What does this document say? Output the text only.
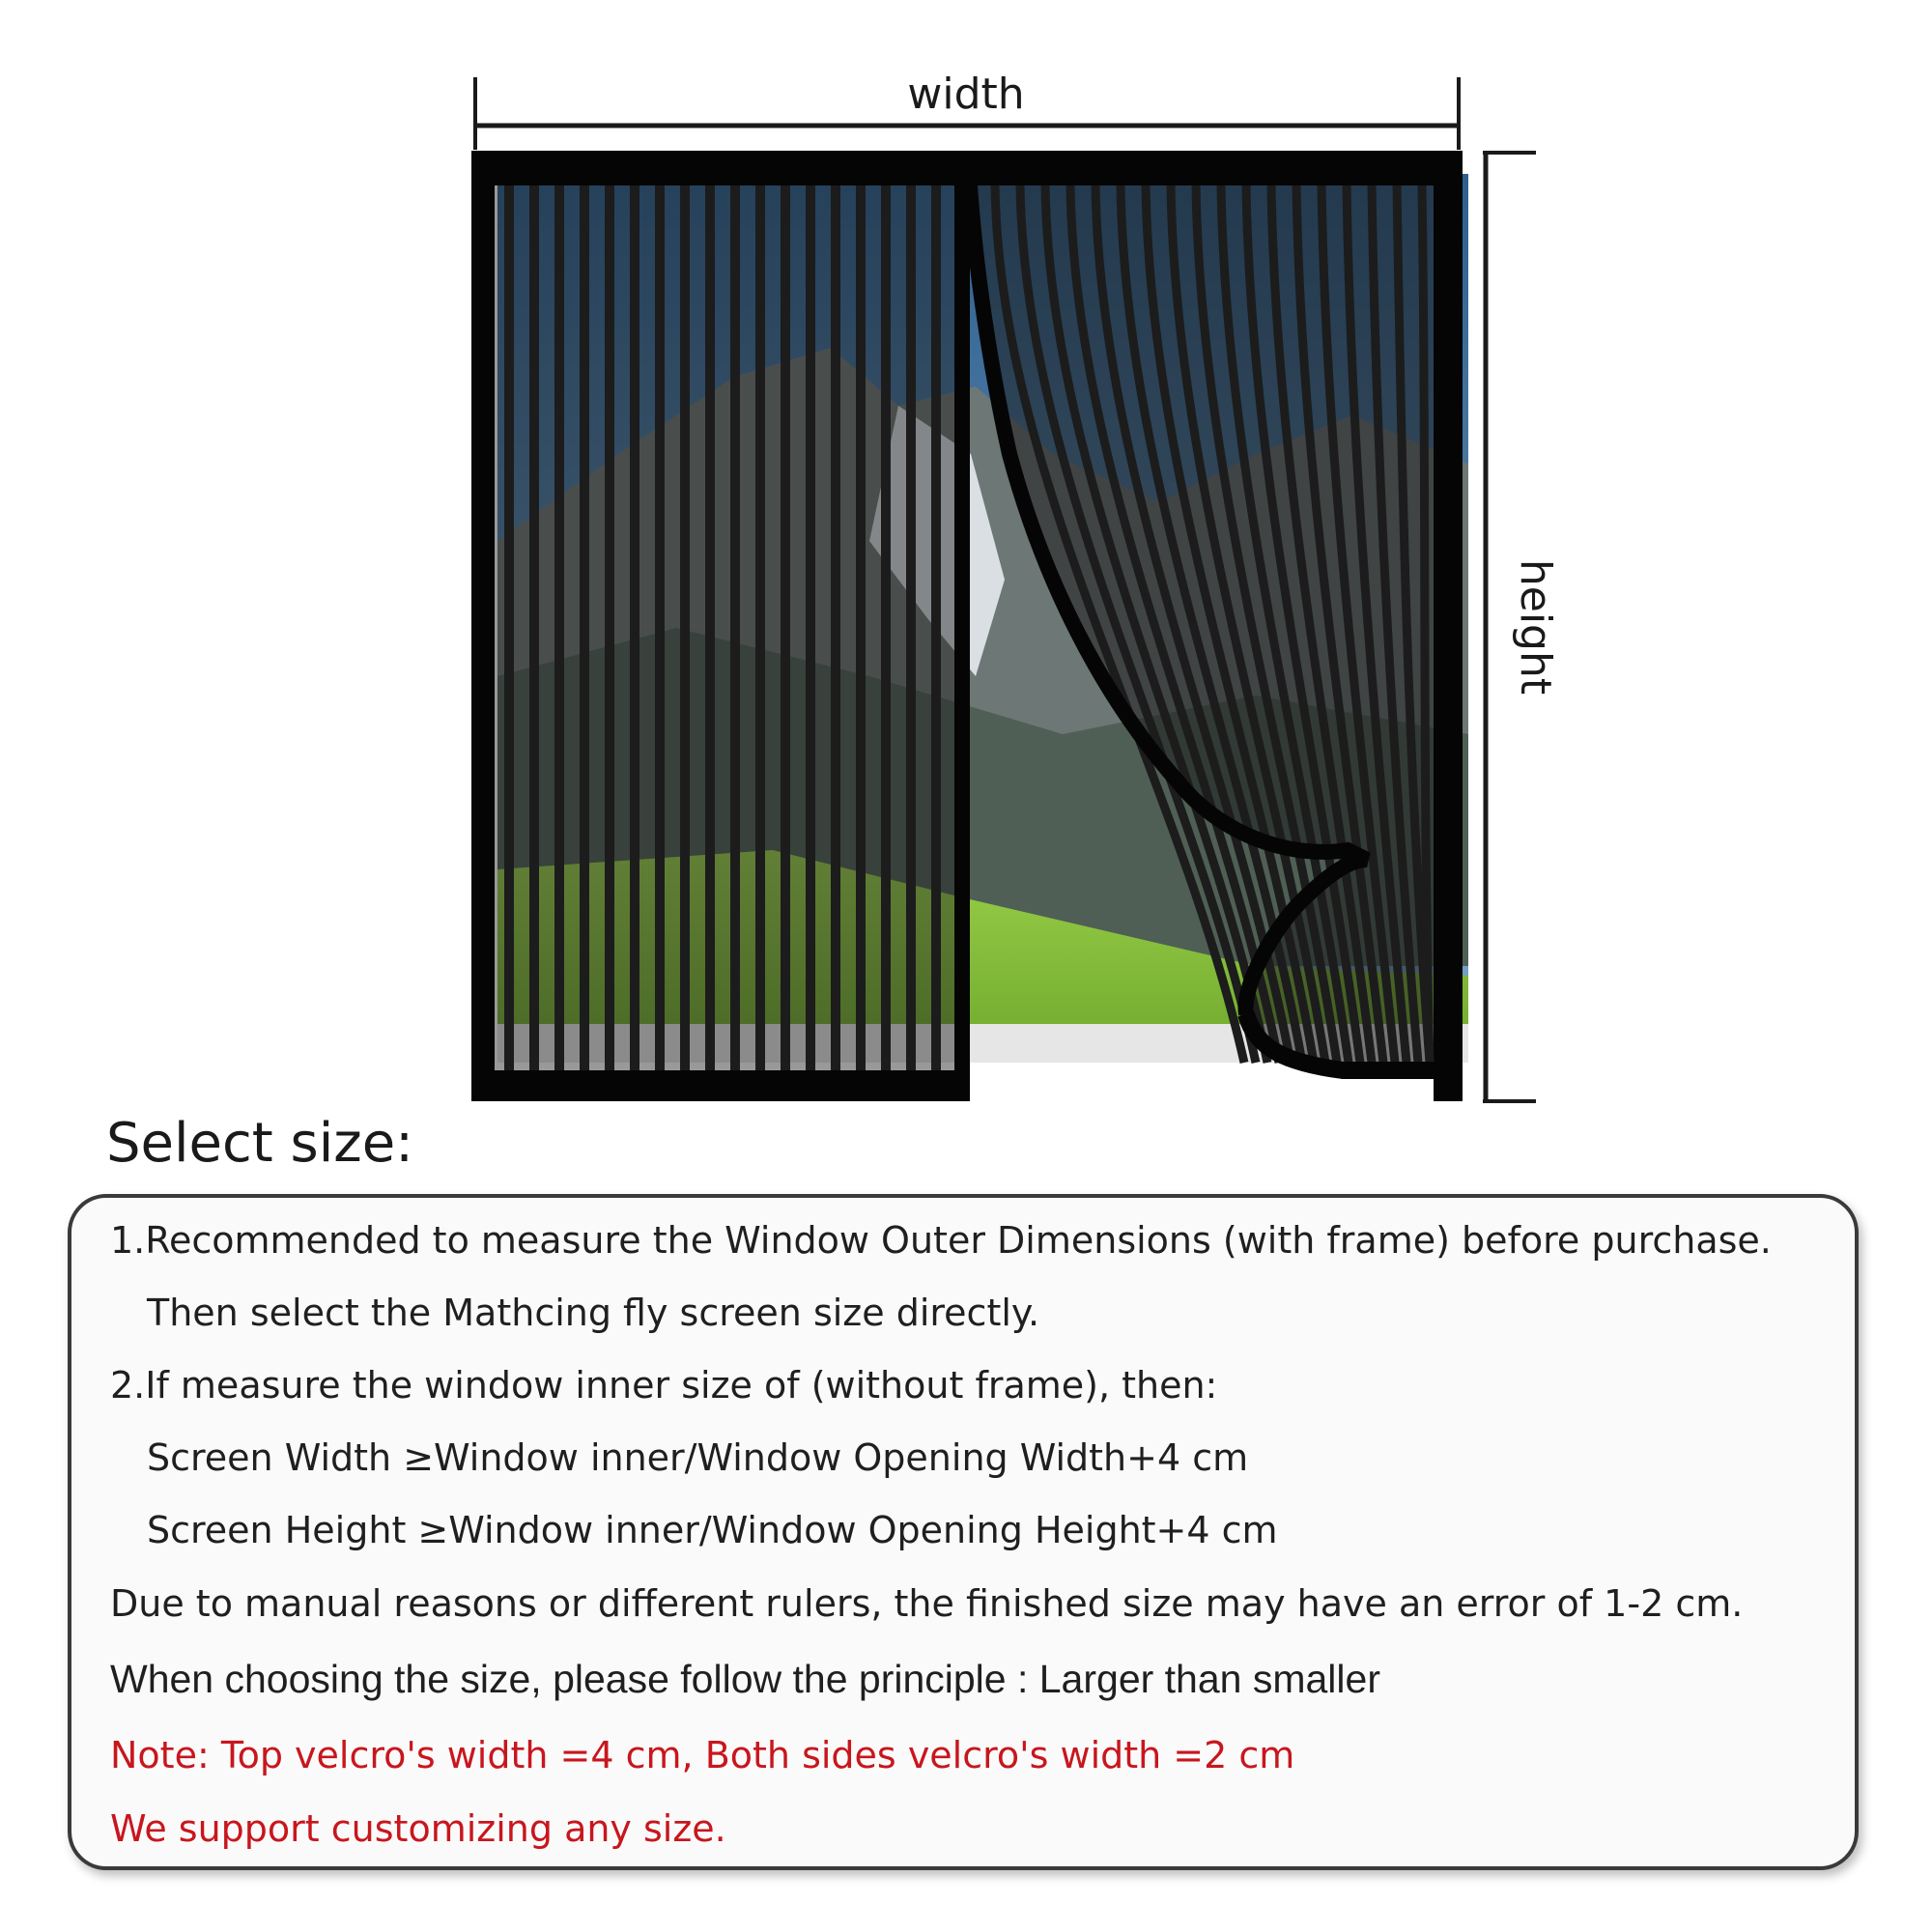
width
height
Select size:

1.Recommended to measure the Window Outer Dimensions (with frame) before purchase.

Then select the Mathcing fly screen size directly.

2.If measure the window inner size of (without frame), then:

Screen Width ≥Window inner/Window Opening Width+4 cm

Screen Height ≥Window inner/Window Opening Height+4 cm

Due to manual reasons or different rulers, the finished size may have an error of 1-2 cm.

When choosing the size, please follow the principle : Larger than smaller

Note: Top velcro's width =4 cm, Both sides velcro's width =2 cm

We support customizing any size.
